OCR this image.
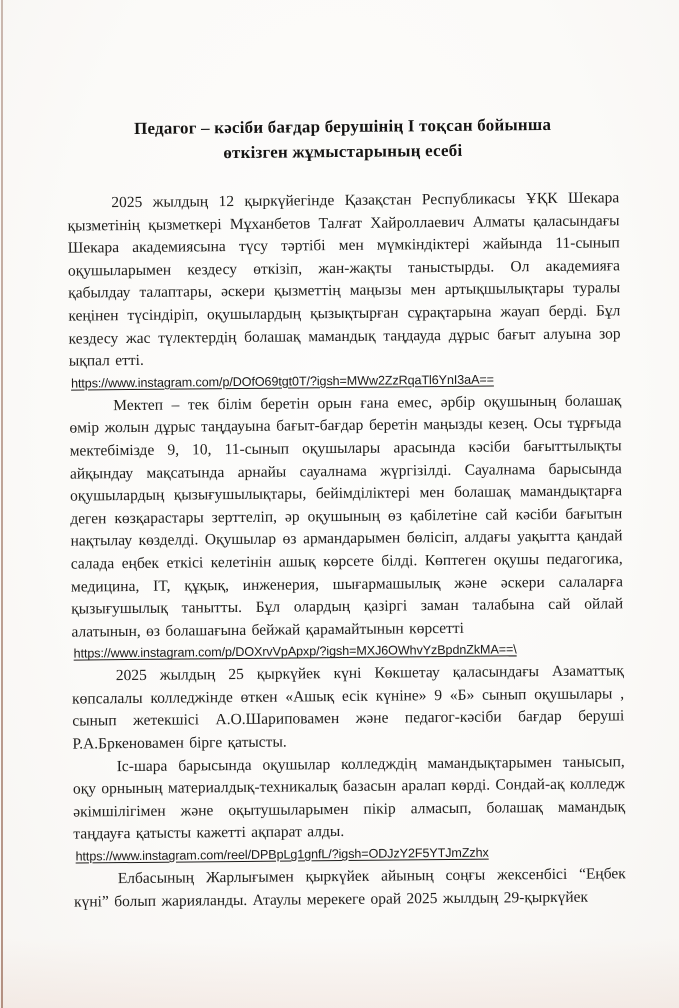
Педагог – кәсіби бағдар берушінің I тоқсан бойынша
өткізген жұмыстарының есебі

2025 жылдың 12 қыркүйегінде Қазақстан Республикасы ҰҚК Шекара қызметінің қызметкері Мұханбетов Талғат Хайроллаевич Алматы қаласындағы Шекара академиясына түсу тәртібі мен мүмкіндіктері жайында 11-сынып оқушыларымен кездесу өткізіп, жан-жақты таныстырды. Ол академияға қабылдау талаптары, әскери қызметтің маңызы мен артықшылықтары туралы кеңінен түсіндіріп, оқушылардың қызықтырған сұрақтарына жауап берді. Бұл кездесу жас түлектердің болашақ мамандық таңдауда дұрыс бағыт алуына зор ықпал етті.

https://www.instagram.com/p/DOfO69tgt0T/?igsh=MWw2ZzRqaTl6YnI3aA==

Мектеп – тек білім беретін орын ғана емес, әрбір оқушының болашақ өмір жолын дұрыс таңдауына бағыт-бағдар беретін маңызды кезең. Осы тұрғыда мектебімізде 9, 10, 11-сынып оқушылары арасында кәсіби бағыттылықты айқындау мақсатында арнайы сауалнама жүргізілді. Сауалнама барысында оқушылардың қызығушылықтары, бейімділіктері мен болашақ мамандықтарға деген көзқарастары зерттеліп, әр оқушының өз қабілетіне сай кәсіби бағытын нақтылау көзделді. Оқушылар өз армандарымен бөлісіп, алдағы уақытта қандай салада еңбек еткісі келетінін ашық көрсете білді. Көптеген оқушы педагогика, медицина, IT, құқық, инженерия, шығармашылық және әскери салаларға қызығушылық танытты. Бұл олардың қазіргі заман талабына сай ойлай алатынын, өз болашағына бейжай қарамайтынын көрсетті

https://www.instagram.com/p/DOXrvVpApxp/?igsh=MXJ6OWhvYzBpdnZkMA==\

2025 жылдың 25 қыркүйек күні Көкшетау қаласындағы Азаматтық көпсалалы колледжінде өткен «Ашық есік күніне» 9 «Б» сынып оқушылары , сынып жетекшісі А.О.Шариповамен және педагог-кәсіби бағдар беруші Р.А.Бркеновамен бірге қатысты.

Іс-шара барысында оқушылар колледждің мамандықтарымен танысып, оқу орнының материалдық-техникалық базасын аралап көрді. Сондай-ақ колледж әкімшілігімен және оқытушыларымен пікір алмасып, болашақ мамандық таңдауға қатысты кажетті ақпарат алды.

https://www.instagram.com/reel/DPBpLg1gnfL/?igsh=ODJzY2F5YTJmZzhx

Елбасының Жарлығымен қыркүйек айының соңғы жексенбісі “Еңбек күні” болып жарияланды. Атаулы мерекеге орай 2025 жылдың 29-қыркүйек
